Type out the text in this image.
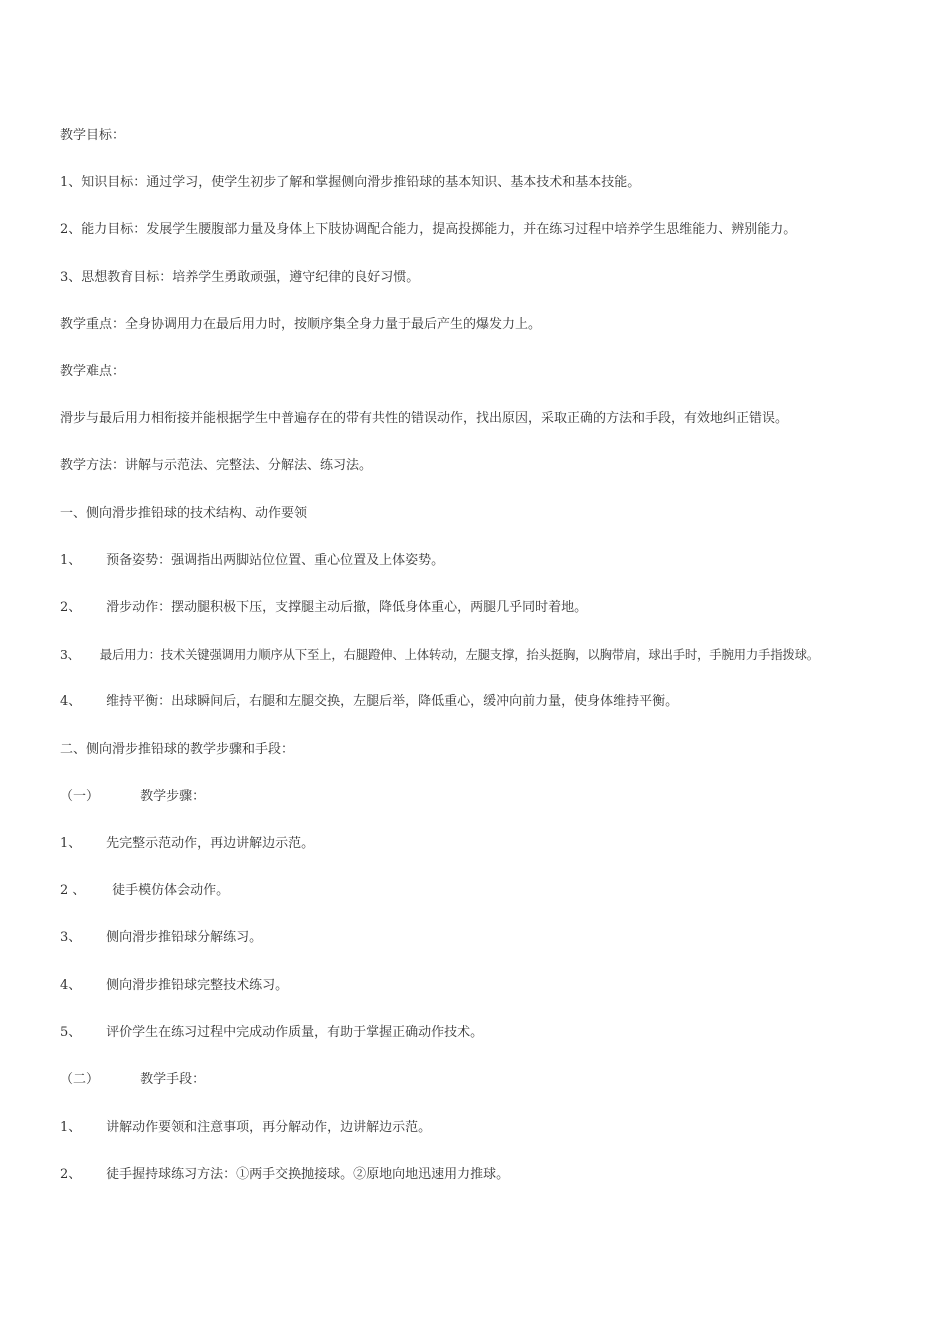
教学目标：
1、知识目标：通过学习，使学生初步了解和掌握侧向滑步推铅球的基本知识、基本技术和基本技能。
2、能力目标：发展学生腰腹部力量及身体上下肢协调配合能力，提高投掷能力，并在练习过程中培养学生思维能力、辨别能力。
3、思想教育目标：培养学生勇敢顽强，遵守纪律的良好习惯。
教学重点：全身协调用力在最后用力时，按顺序集全身力量于最后产生的爆发力上。
教学难点：
滑步与最后用力相衔接并能根据学生中普遍存在的带有共性的错误动作，找出原因，采取正确的方法和手段，有效地纠正错误。
教学方法：讲解与示范法、完整法、分解法、练习法。
一、侧向滑步推铅球的技术结构、动作要领
1、 预备姿势：强调指出两脚站位位置、重心位置及上体姿势。
2、 滑步动作：摆动腿积极下压，支撑腿主动后撤，降低身体重心，两腿几乎同时着地。
3、 最后用力：技术关键强调用力顺序从下至上，右腿蹬伸、上体转动，左腿支撑，抬头挺胸，以胸带肩，球出手时，手腕用力手指拨球。
4、 维持平衡：出球瞬间后，右腿和左腿交换，左腿后举，降低重心，缓冲向前力量，使身体维持平衡。
二、侧向滑步推铅球的教学步骤和手段：
（一）	教学步骤：
1、 先完整示范动作，再边讲解边示范。
2 、 徒手模仿体会动作。
3、 侧向滑步推铅球分解练习。
4、 侧向滑步推铅球完整技术练习。
5、 评价学生在练习过程中完成动作质量，有助于掌握正确动作技术。
（二）	教学手段：
1、 讲解动作要领和注意事项，再分解动作，边讲解边示范。
2、 徒手握持球练习方法：①两手交换抛接球。②原地向地迅速用力推球。
